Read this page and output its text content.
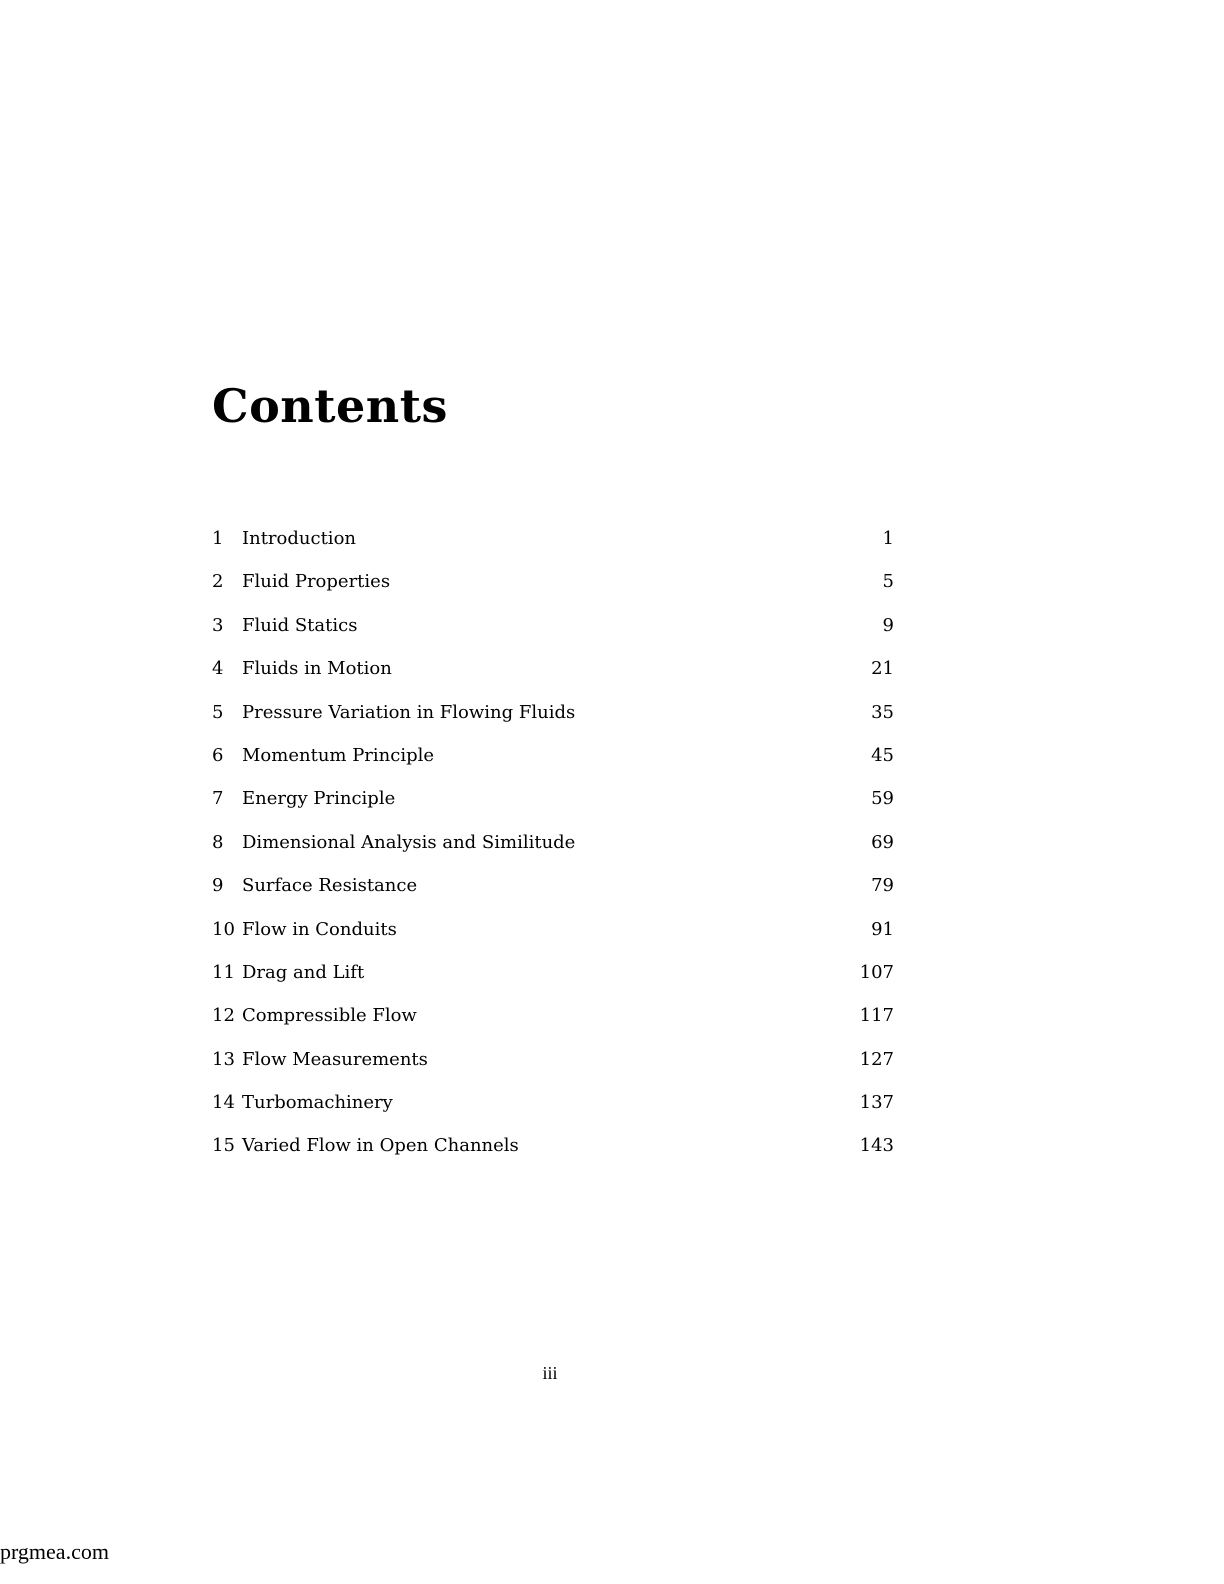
Contents
1 Introduction	1
2 Fluid Properties	5
3 Fluid Statics	9
4 Fluids in Motion	21
5 Pressure Variation in Flowing Fluids	35
6 Momentum Principle	45
7 Energy Principle	59
8 Dimensional Analysis and Similitude	69
9 Surface Resistance	79
10 Flow in Conduits	91
11 Drag and Lift	107
12 Compressible Flow	117
13 Flow Measurements	127
14 Turbomachinery	137
15 Varied Flow in Open Channels	143
iii
prgmea.com
